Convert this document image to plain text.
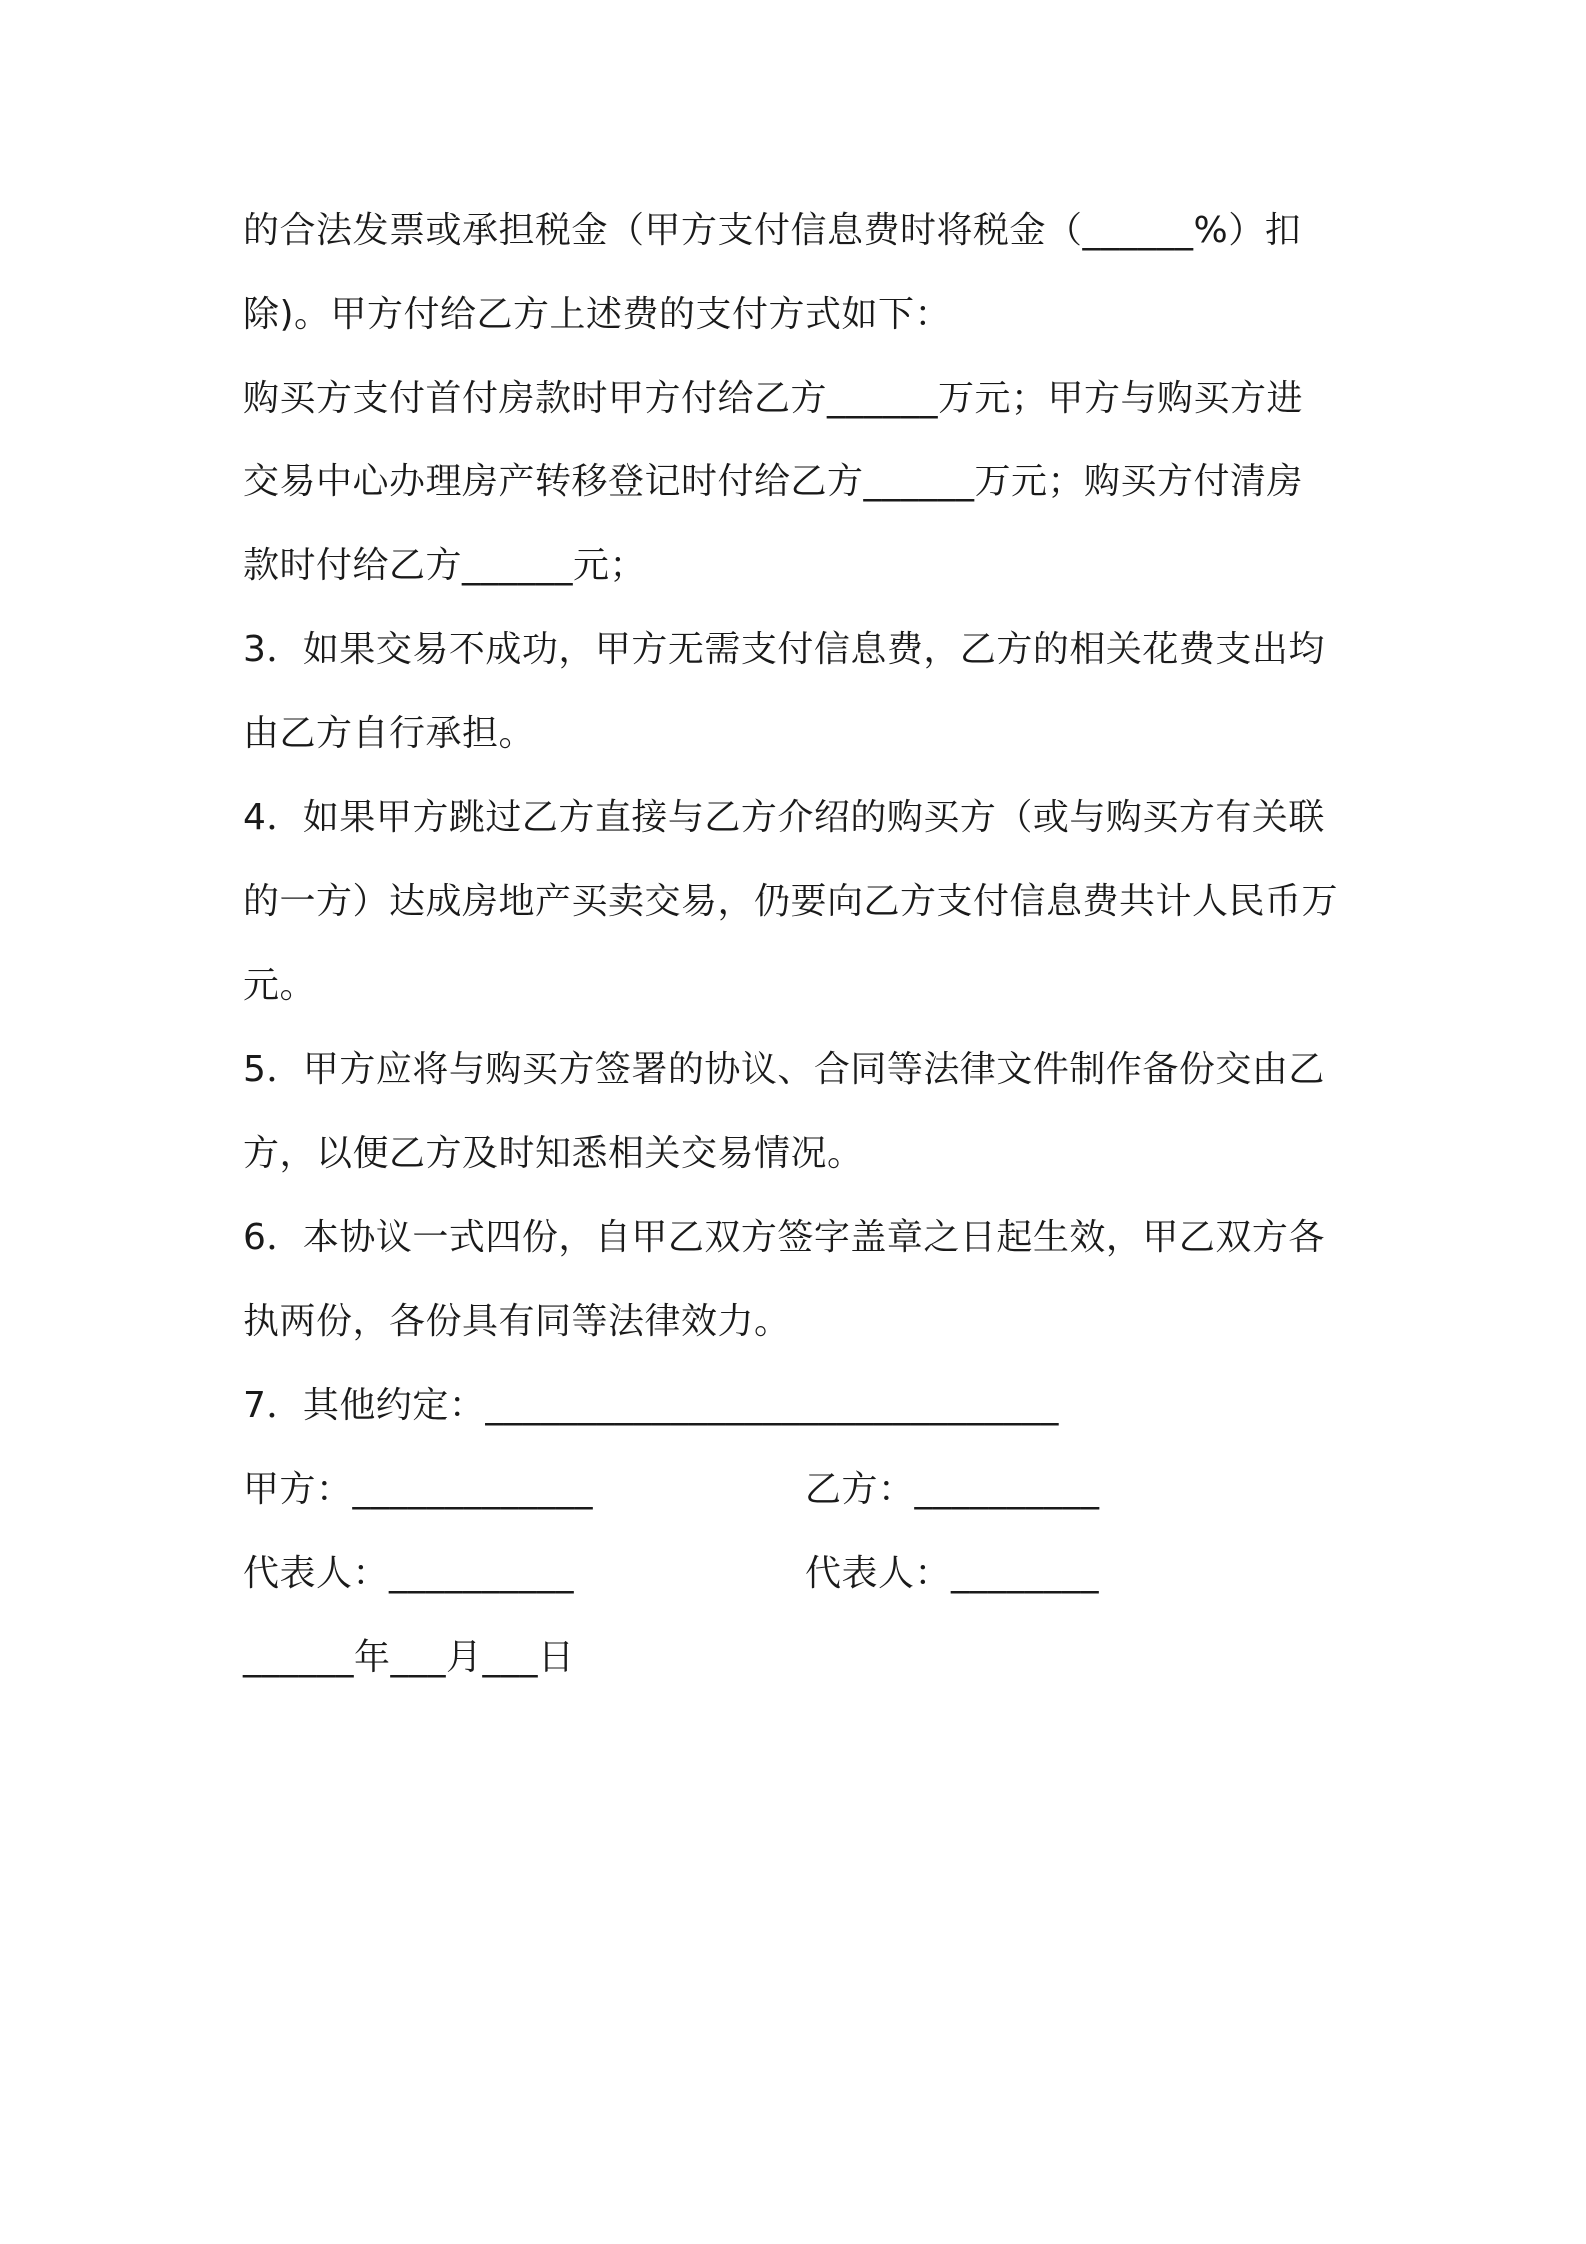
的合法发票或承担税金（甲方支付信息费时将税金（______%）扣
除)。甲方付给乙方上述费的支付方式如下：
购买方支付首付房款时甲方付给乙方______万元；甲方与购买方进
交易中心办理房产转移登记时付给乙方______万元；购买方付清房
款时付给乙方______元；
3．如果交易不成功，甲方无需支付信息费，乙方的相关花费支出均
由乙方自行承担。
4．如果甲方跳过乙方直接与乙方介绍的购买方（或与购买方有关联
的一方）达成房地产买卖交易，仍要向乙方支付信息费共计人民币万
元。
5．甲方应将与购买方签署的协议、合同等法律文件制作备份交由乙
方，以便乙方及时知悉相关交易情况。
6．本协议一式四份，自甲乙双方签字盖章之日起生效，甲乙双方各
执两份，各份具有同等法律效力。
7．其他约定：_______________________________
甲方：_____________	乙方：__________
代表人：__________	代表人：________
______年___月___日
